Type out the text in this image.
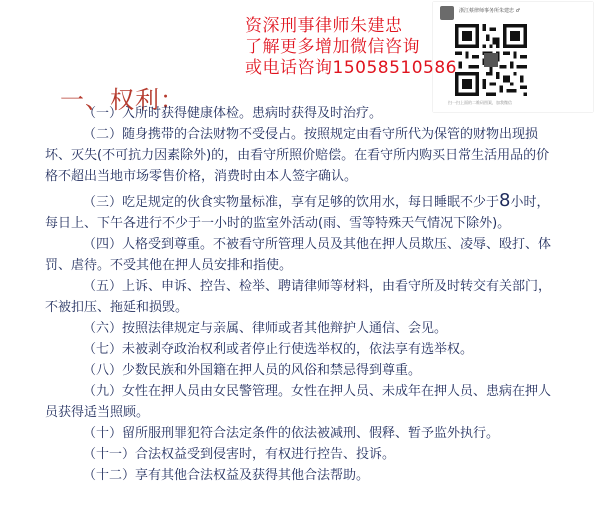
浙江蔡律师事务所朱建忠 ♂
扫一扫上面的二维码图案，加我微信
资深刑事律师朱建忠
了解更多增加微信咨询
或电话咨询15058510586
一、权利：
（一）入所时获得健康体检。患病时获得及时治疗。
（二）随身携带的合法财物不受侵占。按照规定由看守所代为保管的财物出现损
坏、灭失(不可抗力因素除外)的，由看守所照价赔偿。在看守所内购买日常生活用品的价格不超出当地市场零售价格，消费时由本人签字确认。
（三）吃足规定的伙食实物量标准，享有足够的饮用水，每日睡眠不少于8小时，
每日上、下午各进行不少于一小时的监室外活动(雨、雪等特殊天气情况下除外)。
（四）人格受到尊重。不被看守所管理人员及其他在押人员欺压、凌辱、殴打、体
罚、虐待。不受其他在押人员安排和指使。
（五）上诉、申诉、控告、检举、聘请律师等材料，由看守所及时转交有关部门，
不被扣压、拖延和损毁。
（六）按照法律规定与亲属、律师或者其他辩护人通信、会见。
（七）未被剥夺政治权利或者停止行使选举权的，依法享有选举权。
（八）少数民族和外国籍在押人员的风俗和禁忌得到尊重。
（九）女性在押人员由女民警管理。女性在押人员、未成年在押人员、患病在押人
员获得适当照顾。
（十）留所服刑罪犯符合法定条件的依法被减刑、假释、暂予监外执行。
（十一）合法权益受到侵害时，有权进行控告、投诉。
（十二）享有其他合法权益及获得其他合法帮助。
